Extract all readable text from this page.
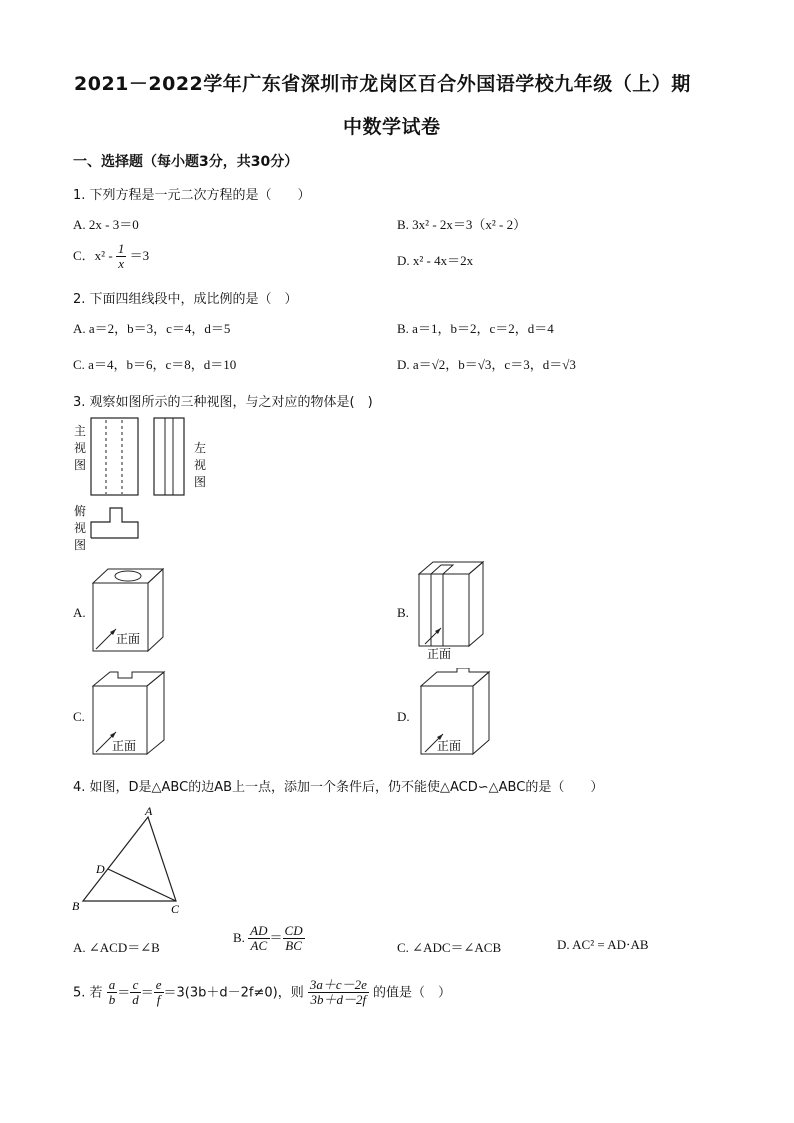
2021－2022学年广东省深圳市龙岗区百合外国语学校九年级（上）期
中数学试卷
一、选择题（每小题3分，共30分）
1. 下列方程是一元二次方程的是（　　）
A. 2x - 3＝0	B. 3x² - 2x＝3（x² - 2）
C．$x^2 - \frac{1}{x} =3$	D. x² - 4x＝2x
2. 下面四组线段中，成比例的是（　）
A. a＝2，b＝3，c＝4，d＝5	B. a＝1，b＝2，c＝2，d＝4
C. a＝4，b＝6，c＝8，d＝10	D. a＝√2，b＝√3，c＝3，d＝√3
3. 观察如图所示的三种视图，与之对应的物体是(　)
主
视
图
左
视
图
俯
视
图
A.
正面
B.
正面
C.
正面
D.
正面
4. 如图，D是△ABC的边AB上一点，添加一个条件后，仍不能使△ACD∽△ABC的是（　　）
A
B	C
D
A. ∠ACD＝∠B
B. $\frac{AD}{AC} = \frac{CD}{BC}$	C. ∠ADC＝∠ACB	D. AC² = AD⋅AB
5. 若 $\frac{a}{b} = \frac{c}{d} = \frac{e}{f} =3(3b+d-2f\ne 0)$，则 $\frac{3a+c-2e}{3b+d-2f}$ 的值是（　）
